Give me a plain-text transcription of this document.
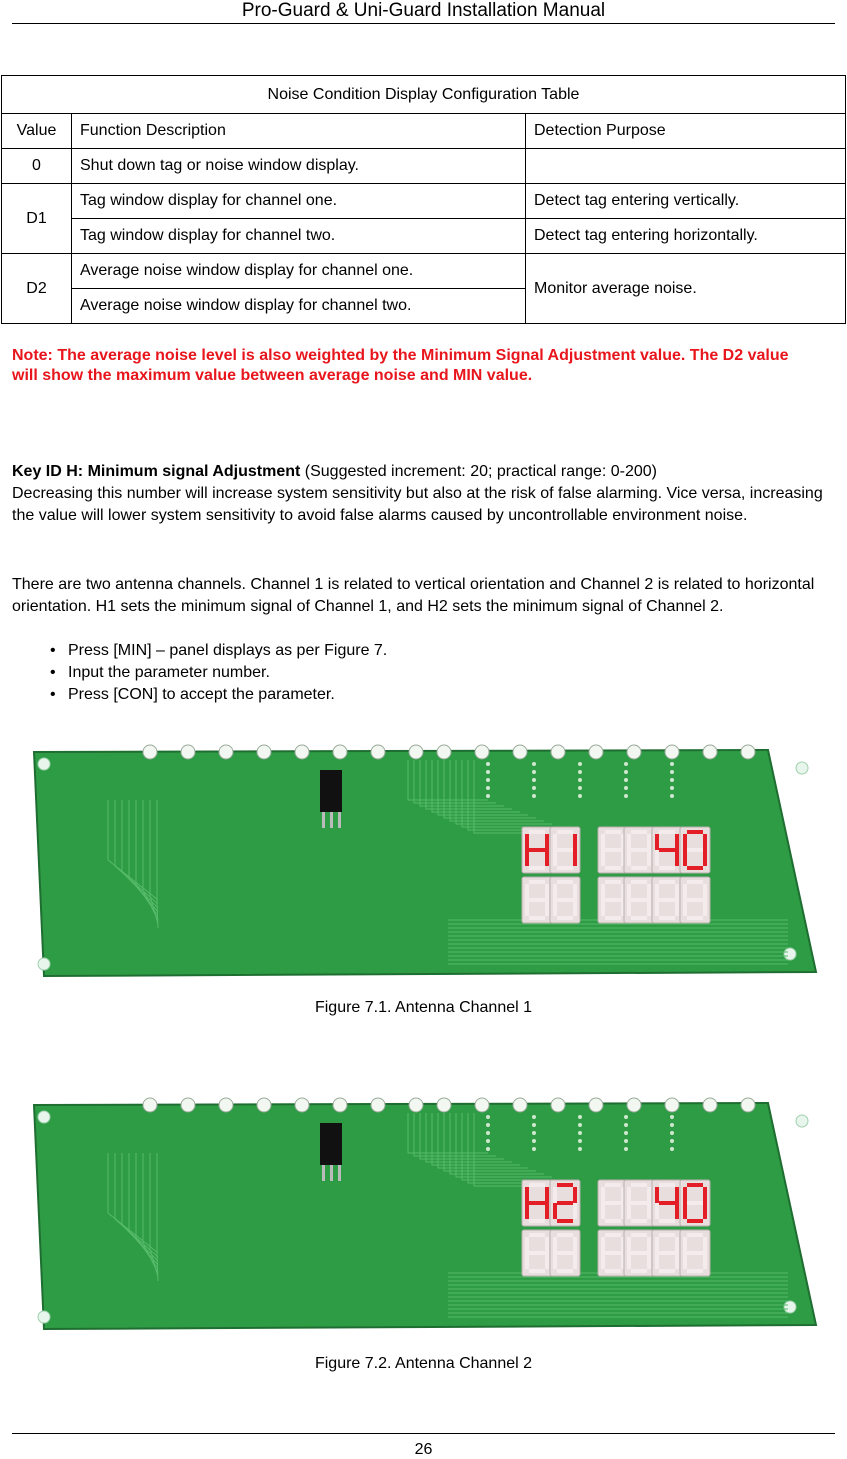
Pro-Guard & Uni-Guard Installation Manual
Noise Condition Display Configuration Table		
Value	Function Description	Detection Purpose
0	Shut down tag or noise window display.	
D1	Tag window display for channel one.	Detect tag entering vertically.
	Tag window display for channel two.	Detect tag entering horizontally.
D2	Average noise window display for channel one.	Monitor average noise.
	Average noise window display for channel two.	
Note: The average noise level is also weighted by the Minimum Signal Adjustment value. The D2 value will show the maximum value between average noise and MIN value.
Key ID H: Minimum signal Adjustment (Suggested increment: 20; practical range: 0-200)
Decreasing this number will increase system sensitivity but also at the risk of false alarming. Vice versa, increasing the value will lower system sensitivity to avoid false alarms caused by uncontrollable environment noise.
There are two antenna channels. Channel 1 is related to vertical orientation and Channel 2 is related to horizontal orientation. H1 sets the minimum signal of Channel 1, and H2 sets the minimum signal of Channel 2.
• Press [MIN] – panel displays as per Figure 7.
• Input the parameter number.
• Press [CON] to accept the parameter.
Figure 7.1. Antenna Channel 1
Figure 7.2. Antenna Channel 2
26
